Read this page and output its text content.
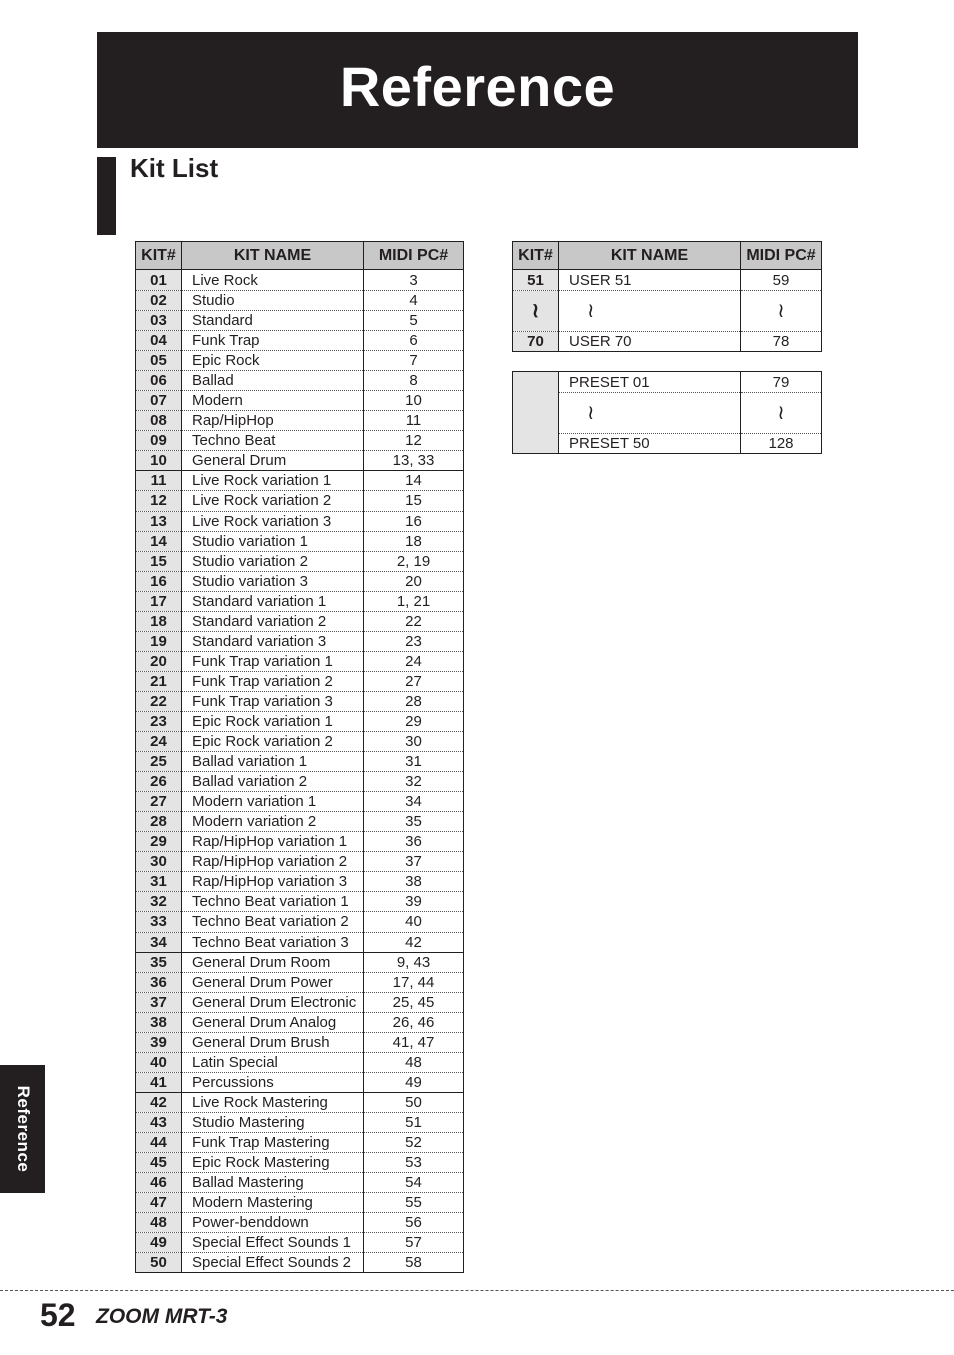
Reference
Kit List
KIT#	KIT NAME	MIDI PC#
01	Live Rock	3
02	Studio	4
03	Standard	5
04	Funk Trap	6
05	Epic Rock	7
06	Ballad	8
07	Modern	10
08	Rap/HipHop	11
09	Techno Beat	12
10	General Drum	13, 33
11	Live Rock variation 1	14
12	Live Rock variation 2	15
13	Live Rock variation 3	16
14	Studio variation 1	18
15	Studio variation 2	2, 19
16	Studio variation 3	20
17	Standard variation 1	1, 21
18	Standard variation 2	22
19	Standard variation 3	23
20	Funk Trap variation 1	24
21	Funk Trap variation 2	27
22	Funk Trap variation 3	28
23	Epic Rock variation 1	29
24	Epic Rock variation 2	30
25	Ballad variation 1	31
26	Ballad variation 2	32
27	Modern variation 1	34
28	Modern variation 2	35
29	Rap/HipHop variation 1	36
30	Rap/HipHop variation 2	37
31	Rap/HipHop variation 3	38
32	Techno Beat variation 1	39
33	Techno Beat variation 2	40
34	Techno Beat variation 3	42
35	General Drum Room	9, 43
36	General Drum Power	17, 44
37	General Drum Electronic	25, 45
38	General Drum Analog	26, 46
39	General Drum Brush	41, 47
40	Latin Special	48
41	Percussions	49
42	Live Rock Mastering	50
43	Studio Mastering	51
44	Funk Trap Mastering	52
45	Epic Rock Mastering	53
46	Ballad Mastering	54
47	Modern Mastering	55
48	Power-benddown	56
49	Special Effect Sounds 1	57
50	Special Effect Sounds 2	58
KIT#	KIT NAME	MIDI PC#
51	USER 51	59
≀	≀	≀
70	USER 70	78
	PRESET 01	79
	≀	≀
	PRESET 50	128
Reference
52 ZOOM MRT-3
